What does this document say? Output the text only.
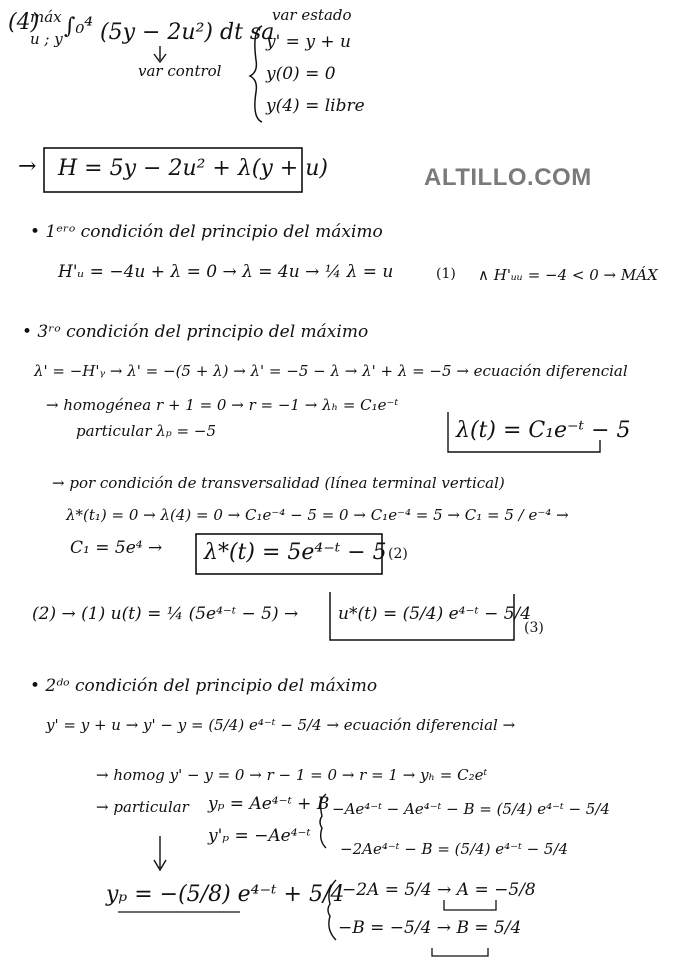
ALTILLO.COM
(4)
máx
u ; y ∫₀⁴ (5y − 2u²) dt sa
var estado
var control
y' = y + u
y(0) = 0
y(4) = libre
→ H = 5y − 2u² + λ(y + u)
• 1ᵉʳᵒ condición del principio del máximo
H'ᵤ = −4u + λ = 0 → λ = 4u → ¼ λ = u	(1) ∧ H'ᵤᵤ = −4 < 0 → MÁX
• 3ʳᵒ condición del principio del máximo
λ' = −H'ᵧ → λ' = −(5 + λ) → λ' = −5 − λ → λ' + λ = −5 → ecuación diferencial
→ homogénea r + 1 = 0 → r = −1 → λₕ = C₁e⁻ᵗ
particular λₚ = −5	λ(t) = C₁e⁻ᵗ − 5
→ por condición de transversalidad (línea terminal vertical)
λ*(t₁) = 0 → λ(4) = 0 → C₁e⁻⁴ − 5 = 0 → C₁e⁻⁴ = 5 → C₁ = 5 / e⁻⁴ →
C₁ = 5e⁴ → λ*(t) = 5e⁴⁻ᵗ − 5 (2)
(2) → (1) u(t) = ¼ (5e⁴⁻ᵗ − 5) → u*(t) = (5/4) e⁴⁻ᵗ − 5/4
(3)
• 2ᵈᵒ condición del principio del máximo
y' = y + u → y' − y = (5/4) e⁴⁻ᵗ − 5/4 → ecuación diferencial →
→ homog y' − y = 0 → r − 1 = 0 → r = 1 → yₕ = C₂eᵗ
→ particular yₚ = Ae⁴⁻ᵗ + B
y'ₚ = −Ae⁴⁻ᵗ
−Ae⁴⁻ᵗ − Ae⁴⁻ᵗ − B = (5/4) e⁴⁻ᵗ − 5/4
−2Ae⁴⁻ᵗ − B = (5/4) e⁴⁻ᵗ − 5/4
−2A = 5/4 → A = −5/8
−B = −5/4 → B = 5/4
yₚ = −(5/8) e⁴⁻ᵗ + 5/4
